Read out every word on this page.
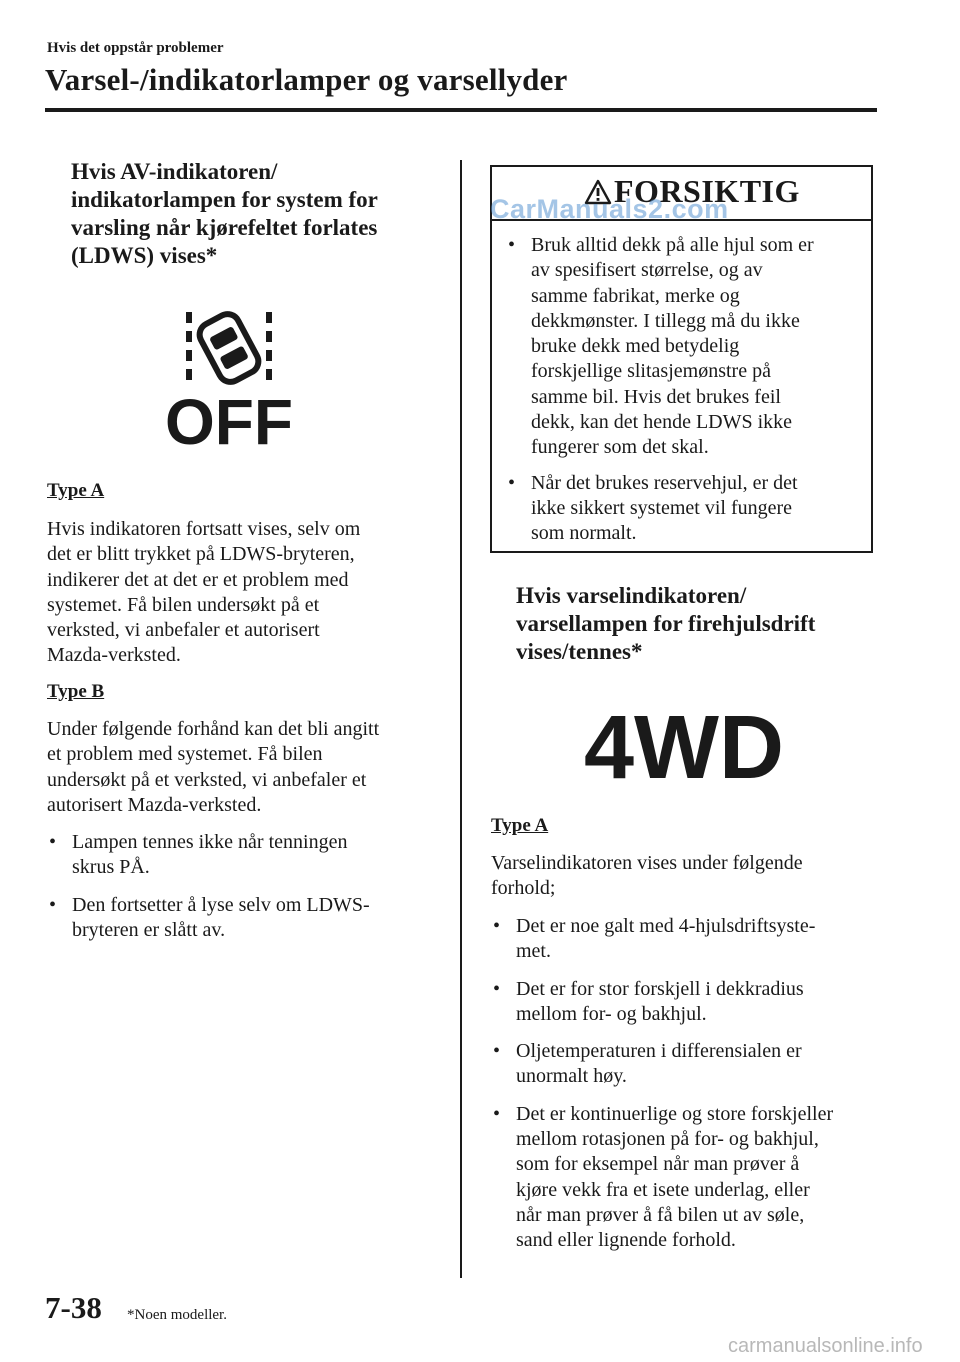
Hvis det oppstår problemer
Varsel-/indikatorlamper og varsellyder
Hvis AV-indikatoren/
indikatorlampen for system for
varsling når kjørefeltet forlates
(LDWS) vises*
OFF
Type A
Hvis indikatoren fortsatt vises, selv om
det er blitt trykket på LDWS-bryteren,
indikerer det at det er et problem med
systemet. Få bilen undersøkt på et
verksted, vi anbefaler et autorisert
Mazda-verksted.
Type B
Under følgende forhånd kan det bli angitt
et problem med systemet. Få bilen
undersøkt på et verksted, vi anbefaler et
autorisert Mazda-verksted.
• Lampen tennes ikke når tenningen
skrus PÅ.
• Den fortsetter å lyse selv om LDWS-
bryteren er slått av.
FORSIKTIG
• Bruk alltid dekk på alle hjul som er
av spesifisert størrelse, og av
samme fabrikat, merke og
dekkmønster. I tillegg må du ikke
bruke dekk med betydelig
forskjellige slitasjemønstre på
samme bil. Hvis det brukes feil
dekk, kan det hende LDWS ikke
fungerer som det skal.
• Når det brukes reservehjul, er det
ikke sikkert systemet vil fungere
som normalt.
CarManuals2.com
Hvis varselindikatoren/
varsellampen for firehjulsdrift
vises/tennes*
4WD
Type A
Varselindikatoren vises under følgende
forhold;
• Det er noe galt med 4-hjulsdriftsyste-
met.
• Det er for stor forskjell i dekkradius
mellom for- og bakhjul.
• Oljetemperaturen i differensialen er
unormalt høy.
• Det er kontinuerlige og store forskjeller
mellom rotasjonen på for- og bakhjul,
som for eksempel når man prøver å
kjøre vekk fra et isete underlag, eller
når man prøver å få bilen ut av søle,
sand eller lignende forhold.
7-38 *Noen modeller.
carmanualsonline.info
